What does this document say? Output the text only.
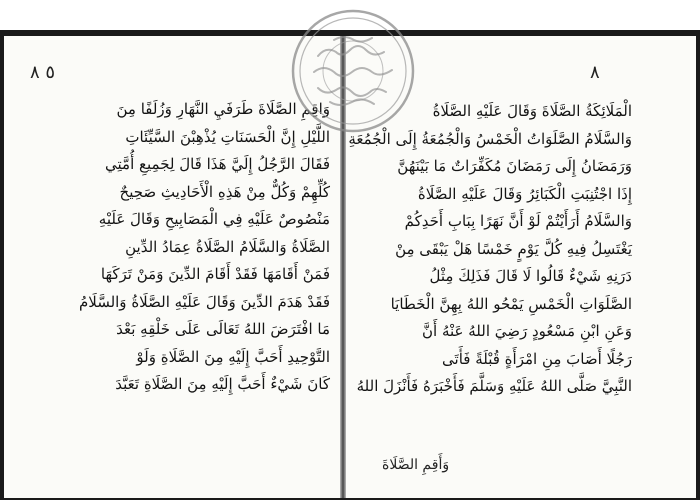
٥ ٨	٨
وَاقِمِ الصَّلَاةَ طَرَفَيِ النَّهَارِ وَزُلَفًا مِنَ
اللَّيْلِ إِنَّ الْحَسَنَاتِ يُذْهِبْنَ السَّيِّئَاتِ
فَقَالَ الرَّجُلُ إِلَيَّ هَذَا قَالَ لِجَمِيعِ أُمَّتِي
كُلِّهِمْ وَكُلٌّ مِنْ هَذِهِ الْأَحَادِيثِ صَحِيحٌ
مَنْصُوصٌ عَلَيْهِ فِي الْمَصَابِيحِ وَقَالَ عَلَيْهِ
الصَّلَاةُ وَالسَّلَامُ الصَّلَاةُ عِمَادُ الدِّينِ
فَمَنْ أَقَامَهَا فَقَدْ أَقَامَ الدِّينَ وَمَنْ تَرَكَهَا
فَقَدْ هَدَمَ الدِّينَ وَقَالَ عَلَيْهِ الصَّلَاةُ وَالسَّلَامُ
مَا افْتَرَضَ اللهُ تَعَالَى عَلَى خَلْقِهِ بَعْدَ
التَّوْحِيدِ أَحَبَّ إِلَيْهِ مِنَ الصَّلَاةِ وَلَوْ
كَانَ شَيْءٌ أَحَبَّ إِلَيْهِ مِنَ الصَّلَاةِ تَعَبَّدَ
الْمَلَائِكَةُ الصَّلَاةَ وَقَالَ عَلَيْهِ الصَّلَاةُ
وَالسَّلَامُ الصَّلَوَاتُ الْخَمْسُ وَالْجُمُعَةُ إِلَى الْجُمُعَةِ
وَرَمَضَانُ إِلَى رَمَضَانَ مُكَفِّرَاتٌ مَا بَيْنَهُنَّ
إِذَا اجْتُنِبَتِ الْكَبَائِرُ وَقَالَ عَلَيْهِ الصَّلَاةُ
وَالسَّلَامُ أَرَأَيْتُمْ لَوْ أَنَّ نَهَرًا بِبَابِ أَحَدِكُمْ
يَغْتَسِلُ فِيهِ كُلَّ يَوْمٍ خَمْسًا هَلْ يَبْقَى مِنْ
دَرَنِهِ شَيْءٌ قَالُوا لَا قَالَ فَذَلِكَ مِثْلُ
الصَّلَوَاتِ الْخَمْسِ يَمْحُو اللهُ بِهِنَّ الْخَطَايَا
وَعَنِ ابْنِ مَسْعُودٍ رَضِيَ اللهُ عَنْهُ أَنَّ
رَجُلًا أَصَابَ مِنِ امْرَأَةٍ قُبْلَةً فَأَتَى
النَّبِيَّ صَلَّى اللهُ عَلَيْهِ وَسَلَّمَ فَأَخْبَرَهُ فَأَنْزَلَ اللهُ
وَأَقِمِ الصَّلَاةَ
